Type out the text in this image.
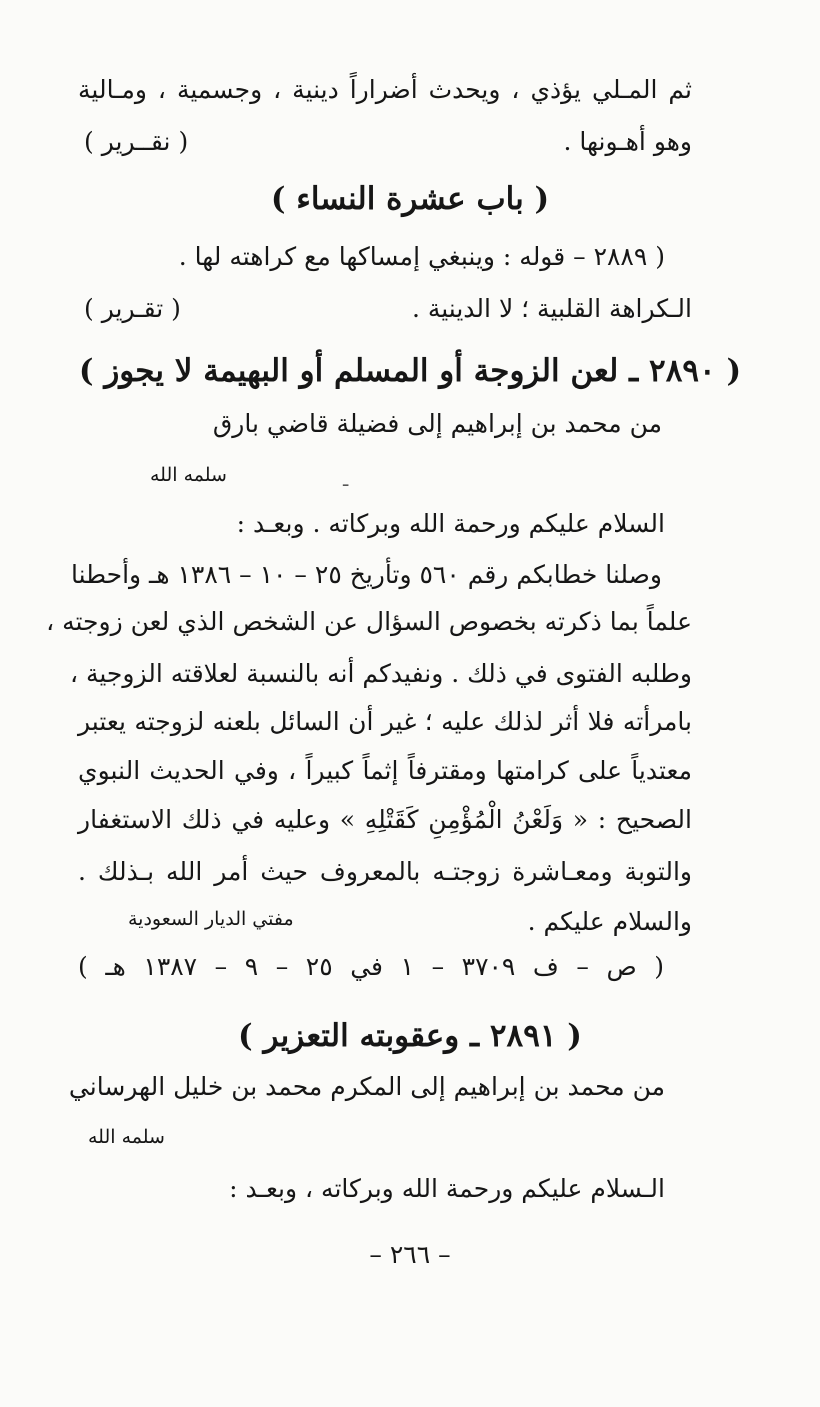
ثم المـلي يؤذي ، ويحدث أضراراً دينية ، وجسمية ، ومـالية
وهو أهـونها .
( نقــرير )
( باب عشرة النساء )
( ٢٨٨٩ – قوله : وينبغي إمساكها مع كراهته لها .
الـكراهة القلبية ؛ لا الدينية .
( تقـرير )
( ٢٨٩٠ ـ لعن الزوجة أو المسلم أو البهيمة لا يجوز )
من محمد بن إبراهيم إلى فضيلة قاضي بارق
سلمه الله	ـ
السلام عليكم ورحمة الله وبركاته . وبعـد :
وصلنا خطابكم رقم ٥٦٠ وتأريخ ٢٥ – ١٠ – ١٣٨٦ هـ وأحطنا
علماً بما ذكرته بخصوص السؤال عن الشخص الذي لعن زوجته ،
وطلبه الفتوى في ذلك . ونفيدكم أنه بالنسبة لعلاقته الزوجية ،
بامرأته فلا أثر لذلك عليه ؛ غير أن السائل بلعنه لزوجته يعتبر
معتدياً على كرامتها ومقترفاً إثماً كبيراً ، وفي الحديث النبوي
الصحيح : « وَلَعْنُ الْمُؤْمِنِ كَقَتْلِهِ » وعليه في ذلك الاستغفار
والتوبة ومعـاشرة زوجتـه بالمعروف حيث أمر الله بـذلك .
والسلام عليكم .
مفتي الديار السعودية
( ص – ف ٣٧٠٩ – ١ في ٢٥ – ٩ – ١٣٨٧ هـ )
( ٢٨٩١ ـ وعقوبته التعزير )
من محمد بن إبراهيم إلى المكرم محمد بن خليل الهرساني
سلمه الله
الـسلام عليكم ورحمة الله وبركاته ، وبعـد :
– ٢٦٦ –
